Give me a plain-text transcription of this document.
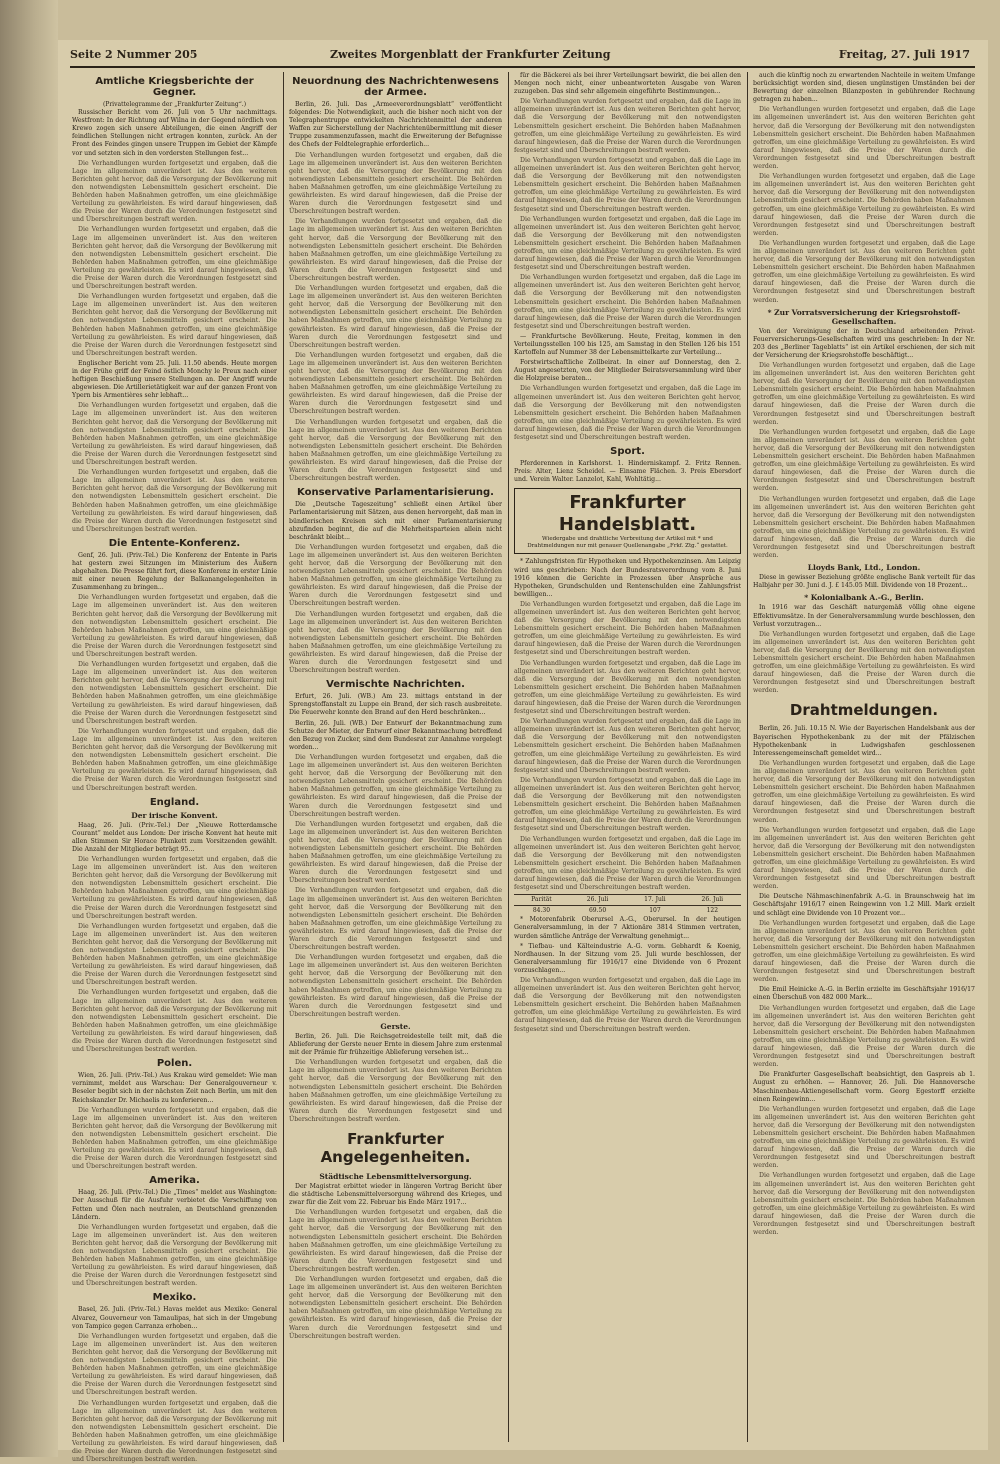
Seite 2 Nummer 205	Zweites Morgenblatt der Frankfurter Zeitung	Freitag, 27. Juli 1917
Amtliche Kriegsberichte der Gegner.
(Privattelegramme der „Frankfurter Zeitung“.)

Russischer Bericht vom 26. Juli von 5 Uhr nachmittags. Westfront: In der Richtung auf Wilna in der Gegend nördlich von Krewo zogen sich unsere Abteilungen, die einen Angriff der feindlichen Stellungen nicht ertragen konnten, zurück. An der Front des Feindes gingen unsere Truppen im Gebiet der Kämpfe vor und setzten sich in den vordersten Stellungen fest...

Die Verhandlungen wurden fortgesetzt und ergaben, daß die Lage im allgemeinen unverändert ist. Aus den weiteren Berichten geht hervor, daß die Versorgung der Bevölkerung mit den notwendigsten Lebensmitteln gesichert erscheint. Die Behörden haben Maßnahmen getroffen, um eine gleichmäßige Verteilung zu gewährleisten. Es wird darauf hingewiesen, daß die Preise der Waren durch die Verordnungen festgesetzt sind und Überschreitungen bestraft werden.

Die Verhandlungen wurden fortgesetzt und ergaben, daß die Lage im allgemeinen unverändert ist. Aus den weiteren Berichten geht hervor, daß die Versorgung der Bevölkerung mit den notwendigsten Lebensmitteln gesichert erscheint. Die Behörden haben Maßnahmen getroffen, um eine gleichmäßige Verteilung zu gewährleisten. Es wird darauf hingewiesen, daß die Preise der Waren durch die Verordnungen festgesetzt sind und Überschreitungen bestraft werden.

Die Verhandlungen wurden fortgesetzt und ergaben, daß die Lage im allgemeinen unverändert ist. Aus den weiteren Berichten geht hervor, daß die Versorgung der Bevölkerung mit den notwendigsten Lebensmitteln gesichert erscheint. Die Behörden haben Maßnahmen getroffen, um eine gleichmäßige Verteilung zu gewährleisten. Es wird darauf hingewiesen, daß die Preise der Waren durch die Verordnungen festgesetzt sind und Überschreitungen bestraft werden.

Englischer Bericht vom 25. Juli. 11.50 abends. Heute morgen in der Frühe griff der Feind östlich Monchy le Preux nach einer heftigen Beschießung unsere Stellungen an. Der Angriff wurde abgewiesen. Die Artillerietätigkeit war auf der ganzen Front von Ypern bis Armentières sehr lebhaft...

Die Verhandlungen wurden fortgesetzt und ergaben, daß die Lage im allgemeinen unverändert ist. Aus den weiteren Berichten geht hervor, daß die Versorgung der Bevölkerung mit den notwendigsten Lebensmitteln gesichert erscheint. Die Behörden haben Maßnahmen getroffen, um eine gleichmäßige Verteilung zu gewährleisten. Es wird darauf hingewiesen, daß die Preise der Waren durch die Verordnungen festgesetzt sind und Überschreitungen bestraft werden.

Die Verhandlungen wurden fortgesetzt und ergaben, daß die Lage im allgemeinen unverändert ist. Aus den weiteren Berichten geht hervor, daß die Versorgung der Bevölkerung mit den notwendigsten Lebensmitteln gesichert erscheint. Die Behörden haben Maßnahmen getroffen, um eine gleichmäßige Verteilung zu gewährleisten. Es wird darauf hingewiesen, daß die Preise der Waren durch die Verordnungen festgesetzt sind und Überschreitungen bestraft werden.

Die Entente-Konferenz.

Genf, 26. Juli. (Priv.-Tel.) Die Konferenz der Entente in Paris hat gestern zwei Sitzungen im Ministerium des Äußern abgehalten. Die Presse führt fort, diese Konferenz in erster Linie mit einer neuen Regelung der Balkanangelegenheiten in Zusammenhang zu bringen...

Die Verhandlungen wurden fortgesetzt und ergaben, daß die Lage im allgemeinen unverändert ist. Aus den weiteren Berichten geht hervor, daß die Versorgung der Bevölkerung mit den notwendigsten Lebensmitteln gesichert erscheint. Die Behörden haben Maßnahmen getroffen, um eine gleichmäßige Verteilung zu gewährleisten. Es wird darauf hingewiesen, daß die Preise der Waren durch die Verordnungen festgesetzt sind und Überschreitungen bestraft werden.

Die Verhandlungen wurden fortgesetzt und ergaben, daß die Lage im allgemeinen unverändert ist. Aus den weiteren Berichten geht hervor, daß die Versorgung der Bevölkerung mit den notwendigsten Lebensmitteln gesichert erscheint. Die Behörden haben Maßnahmen getroffen, um eine gleichmäßige Verteilung zu gewährleisten. Es wird darauf hingewiesen, daß die Preise der Waren durch die Verordnungen festgesetzt sind und Überschreitungen bestraft werden.

Die Verhandlungen wurden fortgesetzt und ergaben, daß die Lage im allgemeinen unverändert ist. Aus den weiteren Berichten geht hervor, daß die Versorgung der Bevölkerung mit den notwendigsten Lebensmitteln gesichert erscheint. Die Behörden haben Maßnahmen getroffen, um eine gleichmäßige Verteilung zu gewährleisten. Es wird darauf hingewiesen, daß die Preise der Waren durch die Verordnungen festgesetzt sind und Überschreitungen bestraft werden.

England.
Der irische Konvent.

Haag, 26. Juli. (Priv.-Tel.) Der „Nieuwe Rotterdamsche Courant“ meldet aus London: Der irische Konvent hat heute mit allen Stimmen Sir Horace Plunkett zum Vorsitzenden gewählt. Die Anzahl der Mitglieder beträgt 95...

Die Verhandlungen wurden fortgesetzt und ergaben, daß die Lage im allgemeinen unverändert ist. Aus den weiteren Berichten geht hervor, daß die Versorgung der Bevölkerung mit den notwendigsten Lebensmitteln gesichert erscheint. Die Behörden haben Maßnahmen getroffen, um eine gleichmäßige Verteilung zu gewährleisten. Es wird darauf hingewiesen, daß die Preise der Waren durch die Verordnungen festgesetzt sind und Überschreitungen bestraft werden.

Die Verhandlungen wurden fortgesetzt und ergaben, daß die Lage im allgemeinen unverändert ist. Aus den weiteren Berichten geht hervor, daß die Versorgung der Bevölkerung mit den notwendigsten Lebensmitteln gesichert erscheint. Die Behörden haben Maßnahmen getroffen, um eine gleichmäßige Verteilung zu gewährleisten. Es wird darauf hingewiesen, daß die Preise der Waren durch die Verordnungen festgesetzt sind und Überschreitungen bestraft werden.

Die Verhandlungen wurden fortgesetzt und ergaben, daß die Lage im allgemeinen unverändert ist. Aus den weiteren Berichten geht hervor, daß die Versorgung der Bevölkerung mit den notwendigsten Lebensmitteln gesichert erscheint. Die Behörden haben Maßnahmen getroffen, um eine gleichmäßige Verteilung zu gewährleisten. Es wird darauf hingewiesen, daß die Preise der Waren durch die Verordnungen festgesetzt sind und Überschreitungen bestraft werden.

Polen.

Wien, 26. Juli. (Priv.-Tel.) Aus Krakau wird gemeldet: Wie man vernimmt, meldet aus Warschau: Der Generalgouverneur v. Beseler begibt sich in der nächsten Zeit nach Berlin, um mit den Reichskanzler Dr. Michaelis zu konferieren...

Die Verhandlungen wurden fortgesetzt und ergaben, daß die Lage im allgemeinen unverändert ist. Aus den weiteren Berichten geht hervor, daß die Versorgung der Bevölkerung mit den notwendigsten Lebensmitteln gesichert erscheint. Die Behörden haben Maßnahmen getroffen, um eine gleichmäßige Verteilung zu gewährleisten. Es wird darauf hingewiesen, daß die Preise der Waren durch die Verordnungen festgesetzt sind und Überschreitungen bestraft werden.

Amerika.

Haag, 26. Juli. (Priv.-Tel.) Die „Times“ meldet aus Washington: Der Ausschuß für die Ausfuhr verbietet die Verschiffung von Fetten und Ölen nach neutralen, an Deutschland grenzenden Ländern.

Die Verhandlungen wurden fortgesetzt und ergaben, daß die Lage im allgemeinen unverändert ist. Aus den weiteren Berichten geht hervor, daß die Versorgung der Bevölkerung mit den notwendigsten Lebensmitteln gesichert erscheint. Die Behörden haben Maßnahmen getroffen, um eine gleichmäßige Verteilung zu gewährleisten. Es wird darauf hingewiesen, daß die Preise der Waren durch die Verordnungen festgesetzt sind und Überschreitungen bestraft werden.

Mexiko.

Basel, 26. Juli. (Priv.-Tel.) Havas meldet aus Mexiko: General Alvarez, Gouverneur von Tamaulipas, hat sich in der Umgebung von Tampico gegen Carranza erhoben...

Die Verhandlungen wurden fortgesetzt und ergaben, daß die Lage im allgemeinen unverändert ist. Aus den weiteren Berichten geht hervor, daß die Versorgung der Bevölkerung mit den notwendigsten Lebensmitteln gesichert erscheint. Die Behörden haben Maßnahmen getroffen, um eine gleichmäßige Verteilung zu gewährleisten. Es wird darauf hingewiesen, daß die Preise der Waren durch die Verordnungen festgesetzt sind und Überschreitungen bestraft werden.

Die Verhandlungen wurden fortgesetzt und ergaben, daß die Lage im allgemeinen unverändert ist. Aus den weiteren Berichten geht hervor, daß die Versorgung der Bevölkerung mit den notwendigsten Lebensmitteln gesichert erscheint. Die Behörden haben Maßnahmen getroffen, um eine gleichmäßige Verteilung zu gewährleisten. Es wird darauf hingewiesen, daß die Preise der Waren durch die Verordnungen festgesetzt sind und Überschreitungen bestraft werden.

Neuordnung des Nachrichtenwesens der Armee.

Berlin, 26. Juli. Das „Armeeverordnungsblatt“ veröffentlicht folgendes: Die Notwendigkeit, auch die bisher noch nicht von der Telegraphentruppe entwickelten Nachrichtenmittel der anderen Waffen zur Sicherstellung der Nachrichtenübermittlung mit dieser Truppe zusammenzufassen, macht die Erweiterung der Befugnisse des Chefs der Feldtelegraphie erforderlich...

Die Verhandlungen wurden fortgesetzt und ergaben, daß die Lage im allgemeinen unverändert ist. Aus den weiteren Berichten geht hervor, daß die Versorgung der Bevölkerung mit den notwendigsten Lebensmitteln gesichert erscheint. Die Behörden haben Maßnahmen getroffen, um eine gleichmäßige Verteilung zu gewährleisten. Es wird darauf hingewiesen, daß die Preise der Waren durch die Verordnungen festgesetzt sind und Überschreitungen bestraft werden.

Die Verhandlungen wurden fortgesetzt und ergaben, daß die Lage im allgemeinen unverändert ist. Aus den weiteren Berichten geht hervor, daß die Versorgung der Bevölkerung mit den notwendigsten Lebensmitteln gesichert erscheint. Die Behörden haben Maßnahmen getroffen, um eine gleichmäßige Verteilung zu gewährleisten. Es wird darauf hingewiesen, daß die Preise der Waren durch die Verordnungen festgesetzt sind und Überschreitungen bestraft werden.

Die Verhandlungen wurden fortgesetzt und ergaben, daß die Lage im allgemeinen unverändert ist. Aus den weiteren Berichten geht hervor, daß die Versorgung der Bevölkerung mit den notwendigsten Lebensmitteln gesichert erscheint. Die Behörden haben Maßnahmen getroffen, um eine gleichmäßige Verteilung zu gewährleisten. Es wird darauf hingewiesen, daß die Preise der Waren durch die Verordnungen festgesetzt sind und Überschreitungen bestraft werden.

Die Verhandlungen wurden fortgesetzt und ergaben, daß die Lage im allgemeinen unverändert ist. Aus den weiteren Berichten geht hervor, daß die Versorgung der Bevölkerung mit den notwendigsten Lebensmitteln gesichert erscheint. Die Behörden haben Maßnahmen getroffen, um eine gleichmäßige Verteilung zu gewährleisten. Es wird darauf hingewiesen, daß die Preise der Waren durch die Verordnungen festgesetzt sind und Überschreitungen bestraft werden.

Die Verhandlungen wurden fortgesetzt und ergaben, daß die Lage im allgemeinen unverändert ist. Aus den weiteren Berichten geht hervor, daß die Versorgung der Bevölkerung mit den notwendigsten Lebensmitteln gesichert erscheint. Die Behörden haben Maßnahmen getroffen, um eine gleichmäßige Verteilung zu gewährleisten. Es wird darauf hingewiesen, daß die Preise der Waren durch die Verordnungen festgesetzt sind und Überschreitungen bestraft werden.

Konservative Parlamentarisierung.

Die „Deutsche Tageszeitung“ schließt einen Artikel über Parlamentarisierung mit Sätzen, aus denen hervorgeht, daß man in bündlerischen Kreisen sich mit einer Parlamentarisierung abzufinden beginnt, die auf die Mehrheitsparteien allein nicht beschränkt bleibt...

Die Verhandlungen wurden fortgesetzt und ergaben, daß die Lage im allgemeinen unverändert ist. Aus den weiteren Berichten geht hervor, daß die Versorgung der Bevölkerung mit den notwendigsten Lebensmitteln gesichert erscheint. Die Behörden haben Maßnahmen getroffen, um eine gleichmäßige Verteilung zu gewährleisten. Es wird darauf hingewiesen, daß die Preise der Waren durch die Verordnungen festgesetzt sind und Überschreitungen bestraft werden.

Die Verhandlungen wurden fortgesetzt und ergaben, daß die Lage im allgemeinen unverändert ist. Aus den weiteren Berichten geht hervor, daß die Versorgung der Bevölkerung mit den notwendigsten Lebensmitteln gesichert erscheint. Die Behörden haben Maßnahmen getroffen, um eine gleichmäßige Verteilung zu gewährleisten. Es wird darauf hingewiesen, daß die Preise der Waren durch die Verordnungen festgesetzt sind und Überschreitungen bestraft werden.

Vermischte Nachrichten.

Erfurt, 26. Juli. (WB.) Am 23. mittags entstand in der Sprengstoffanstalt zu Luppe ein Brand, der sich rasch ausbreitete. Die Feuerwehr konnte den Brand auf den Herd beschränken...

Berlin, 26. Juli. (WB.) Der Entwurf der Bekanntmachung zum Schutze der Mieter, der Entwurf einer Bekanntmachung betreffend den Bezug von Zucker, sind dem Bundesrat zur Annahme vorgelegt worden...

Die Verhandlungen wurden fortgesetzt und ergaben, daß die Lage im allgemeinen unverändert ist. Aus den weiteren Berichten geht hervor, daß die Versorgung der Bevölkerung mit den notwendigsten Lebensmitteln gesichert erscheint. Die Behörden haben Maßnahmen getroffen, um eine gleichmäßige Verteilung zu gewährleisten. Es wird darauf hingewiesen, daß die Preise der Waren durch die Verordnungen festgesetzt sind und Überschreitungen bestraft werden.

Die Verhandlungen wurden fortgesetzt und ergaben, daß die Lage im allgemeinen unverändert ist. Aus den weiteren Berichten geht hervor, daß die Versorgung der Bevölkerung mit den notwendigsten Lebensmitteln gesichert erscheint. Die Behörden haben Maßnahmen getroffen, um eine gleichmäßige Verteilung zu gewährleisten. Es wird darauf hingewiesen, daß die Preise der Waren durch die Verordnungen festgesetzt sind und Überschreitungen bestraft werden.

Die Verhandlungen wurden fortgesetzt und ergaben, daß die Lage im allgemeinen unverändert ist. Aus den weiteren Berichten geht hervor, daß die Versorgung der Bevölkerung mit den notwendigsten Lebensmitteln gesichert erscheint. Die Behörden haben Maßnahmen getroffen, um eine gleichmäßige Verteilung zu gewährleisten. Es wird darauf hingewiesen, daß die Preise der Waren durch die Verordnungen festgesetzt sind und Überschreitungen bestraft werden.

Die Verhandlungen wurden fortgesetzt und ergaben, daß die Lage im allgemeinen unverändert ist. Aus den weiteren Berichten geht hervor, daß die Versorgung der Bevölkerung mit den notwendigsten Lebensmitteln gesichert erscheint. Die Behörden haben Maßnahmen getroffen, um eine gleichmäßige Verteilung zu gewährleisten. Es wird darauf hingewiesen, daß die Preise der Waren durch die Verordnungen festgesetzt sind und Überschreitungen bestraft werden.

Gerste.

Berlin, 26. Juli. Die Reichsgetreidestelle teilt mit, daß die Ablieferung der Gerste neuer Ernte in diesem Jahre zum erstenmal mit der Prämie für frühzeitige Ablieferung versehen ist...

Die Verhandlungen wurden fortgesetzt und ergaben, daß die Lage im allgemeinen unverändert ist. Aus den weiteren Berichten geht hervor, daß die Versorgung der Bevölkerung mit den notwendigsten Lebensmitteln gesichert erscheint. Die Behörden haben Maßnahmen getroffen, um eine gleichmäßige Verteilung zu gewährleisten. Es wird darauf hingewiesen, daß die Preise der Waren durch die Verordnungen festgesetzt sind und Überschreitungen bestraft werden.

Frankfurter Angelegenheiten.
Städtische Lebensmittelversorgung.

Der Magistrat erbittet wieder in längeren Vortrag Bericht über die städtische Lebensmittelversorgung während des Krieges, und zwar für die Zeit vom 22. Februar bis Ende März 1917...

Die Verhandlungen wurden fortgesetzt und ergaben, daß die Lage im allgemeinen unverändert ist. Aus den weiteren Berichten geht hervor, daß die Versorgung der Bevölkerung mit den notwendigsten Lebensmitteln gesichert erscheint. Die Behörden haben Maßnahmen getroffen, um eine gleichmäßige Verteilung zu gewährleisten. Es wird darauf hingewiesen, daß die Preise der Waren durch die Verordnungen festgesetzt sind und Überschreitungen bestraft werden.

Die Verhandlungen wurden fortgesetzt und ergaben, daß die Lage im allgemeinen unverändert ist. Aus den weiteren Berichten geht hervor, daß die Versorgung der Bevölkerung mit den notwendigsten Lebensmitteln gesichert erscheint. Die Behörden haben Maßnahmen getroffen, um eine gleichmäßige Verteilung zu gewährleisten. Es wird darauf hingewiesen, daß die Preise der Waren durch die Verordnungen festgesetzt sind und Überschreitungen bestraft werden.

für die Bäckerei als bei ihrer Verteilungsart bewirkt, die bei allen den Mengen noch nicht, einer unbeantworteten Ausgabe von Waren zuzugeben. Das sind sehr allgemein eingeführte Bestimmungen...

Die Verhandlungen wurden fortgesetzt und ergaben, daß die Lage im allgemeinen unverändert ist. Aus den weiteren Berichten geht hervor, daß die Versorgung der Bevölkerung mit den notwendigsten Lebensmitteln gesichert erscheint. Die Behörden haben Maßnahmen getroffen, um eine gleichmäßige Verteilung zu gewährleisten. Es wird darauf hingewiesen, daß die Preise der Waren durch die Verordnungen festgesetzt sind und Überschreitungen bestraft werden.

Die Verhandlungen wurden fortgesetzt und ergaben, daß die Lage im allgemeinen unverändert ist. Aus den weiteren Berichten geht hervor, daß die Versorgung der Bevölkerung mit den notwendigsten Lebensmitteln gesichert erscheint. Die Behörden haben Maßnahmen getroffen, um eine gleichmäßige Verteilung zu gewährleisten. Es wird darauf hingewiesen, daß die Preise der Waren durch die Verordnungen festgesetzt sind und Überschreitungen bestraft werden.

Die Verhandlungen wurden fortgesetzt und ergaben, daß die Lage im allgemeinen unverändert ist. Aus den weiteren Berichten geht hervor, daß die Versorgung der Bevölkerung mit den notwendigsten Lebensmitteln gesichert erscheint. Die Behörden haben Maßnahmen getroffen, um eine gleichmäßige Verteilung zu gewährleisten. Es wird darauf hingewiesen, daß die Preise der Waren durch die Verordnungen festgesetzt sind und Überschreitungen bestraft werden.

Die Verhandlungen wurden fortgesetzt und ergaben, daß die Lage im allgemeinen unverändert ist. Aus den weiteren Berichten geht hervor, daß die Versorgung der Bevölkerung mit den notwendigsten Lebensmitteln gesichert erscheint. Die Behörden haben Maßnahmen getroffen, um eine gleichmäßige Verteilung zu gewährleisten. Es wird darauf hingewiesen, daß die Preise der Waren durch die Verordnungen festgesetzt sind und Überschreitungen bestraft werden.

— Frankfurtsche Bevölkerung. Heute, Freitag, kommen in den Verteilungsstellen 100 bis 125, am Samstag in den Stellen 126 bis 151 Kartoffeln auf Nummer 38 der Lebensmittelkarte zur Verteilung...

Forstwirtschaftliche Zollbeirat. In einer auf Donnerstag, den 2. August angesetzten, von der Mitglieder Beiratsversammlung wird über die Holzpreise beraten...

Die Verhandlungen wurden fortgesetzt und ergaben, daß die Lage im allgemeinen unverändert ist. Aus den weiteren Berichten geht hervor, daß die Versorgung der Bevölkerung mit den notwendigsten Lebensmitteln gesichert erscheint. Die Behörden haben Maßnahmen getroffen, um eine gleichmäßige Verteilung zu gewährleisten. Es wird darauf hingewiesen, daß die Preise der Waren durch die Verordnungen festgesetzt sind und Überschreitungen bestraft werden.

Sport.

Pferderennen in Karlshorst. 1. Hinderniskampf. 2. Fritz Rennen. Preis: Alter, Lienz Scheidel. — Einsame Flächen. 3. Preis Ebersdorf und. Verein Walter. Lanzelot, Kahl, Wohltätig...

Frankfurter Handelsblatt.
Wiedergabe und drahtliche Verbreitung der Artikel mit * und Drahtmeldungen nur mit genauer Quellenangabe „Frkf. Ztg.“ gestattet.

* Zahlungsfristen für Hypotheken und Hypothekenzinsen. Am Leipzig wird uns geschrieben: Nach der Bundesratsverordnung vom 8. Juni 1916 können die Gerichte in Prozessen über Ansprüche aus Hypotheken, Grundschulden und Rentenschulden eine Zahlungsfrist bewilligen...

Die Verhandlungen wurden fortgesetzt und ergaben, daß die Lage im allgemeinen unverändert ist. Aus den weiteren Berichten geht hervor, daß die Versorgung der Bevölkerung mit den notwendigsten Lebensmitteln gesichert erscheint. Die Behörden haben Maßnahmen getroffen, um eine gleichmäßige Verteilung zu gewährleisten. Es wird darauf hingewiesen, daß die Preise der Waren durch die Verordnungen festgesetzt sind und Überschreitungen bestraft werden.

Die Verhandlungen wurden fortgesetzt und ergaben, daß die Lage im allgemeinen unverändert ist. Aus den weiteren Berichten geht hervor, daß die Versorgung der Bevölkerung mit den notwendigsten Lebensmitteln gesichert erscheint. Die Behörden haben Maßnahmen getroffen, um eine gleichmäßige Verteilung zu gewährleisten. Es wird darauf hingewiesen, daß die Preise der Waren durch die Verordnungen festgesetzt sind und Überschreitungen bestraft werden.

Die Verhandlungen wurden fortgesetzt und ergaben, daß die Lage im allgemeinen unverändert ist. Aus den weiteren Berichten geht hervor, daß die Versorgung der Bevölkerung mit den notwendigsten Lebensmitteln gesichert erscheint. Die Behörden haben Maßnahmen getroffen, um eine gleichmäßige Verteilung zu gewährleisten. Es wird darauf hingewiesen, daß die Preise der Waren durch die Verordnungen festgesetzt sind und Überschreitungen bestraft werden.

Die Verhandlungen wurden fortgesetzt und ergaben, daß die Lage im allgemeinen unverändert ist. Aus den weiteren Berichten geht hervor, daß die Versorgung der Bevölkerung mit den notwendigsten Lebensmitteln gesichert erscheint. Die Behörden haben Maßnahmen getroffen, um eine gleichmäßige Verteilung zu gewährleisten. Es wird darauf hingewiesen, daß die Preise der Waren durch die Verordnungen festgesetzt sind und Überschreitungen bestraft werden.

Die Verhandlungen wurden fortgesetzt und ergaben, daß die Lage im allgemeinen unverändert ist. Aus den weiteren Berichten geht hervor, daß die Versorgung der Bevölkerung mit den notwendigsten Lebensmitteln gesichert erscheint. Die Behörden haben Maßnahmen getroffen, um eine gleichmäßige Verteilung zu gewährleisten. Es wird darauf hingewiesen, daß die Preise der Waren durch die Verordnungen festgesetzt sind und Überschreitungen bestraft werden.

Parität	26. Juli	17. Juli	26. Juli
84.30	69.50	107	122

* Motorenfabrik Oberursel A.-G., Oberursel. In der heutigen Generalversammlung, in der 7 Aktionäre 3814 Stimmen vertraten, wurden sämtliche Anträge der Verwaltung genehmigt...

* Tiefbau- und Kälteindustrie A.-G. vorm. Gebhardt & Koenig, Nordhausen. In der Sitzung vom 25. Juli wurde beschlossen, der Generalversammlung für 1916/17 eine Dividende von 6 Prozent vorzuschlagen...

Die Verhandlungen wurden fortgesetzt und ergaben, daß die Lage im allgemeinen unverändert ist. Aus den weiteren Berichten geht hervor, daß die Versorgung der Bevölkerung mit den notwendigsten Lebensmitteln gesichert erscheint. Die Behörden haben Maßnahmen getroffen, um eine gleichmäßige Verteilung zu gewährleisten. Es wird darauf hingewiesen, daß die Preise der Waren durch die Verordnungen festgesetzt sind und Überschreitungen bestraft werden.

auch die künftig noch zu erwartenden Nachteile in weitem Umfange berücksichtigt worden sind, diesen ungünstigen Umständen bei der Bewertung der einzelnen Bilanzposten in gebührender Rechnung getragen zu haben...

Die Verhandlungen wurden fortgesetzt und ergaben, daß die Lage im allgemeinen unverändert ist. Aus den weiteren Berichten geht hervor, daß die Versorgung der Bevölkerung mit den notwendigsten Lebensmitteln gesichert erscheint. Die Behörden haben Maßnahmen getroffen, um eine gleichmäßige Verteilung zu gewährleisten. Es wird darauf hingewiesen, daß die Preise der Waren durch die Verordnungen festgesetzt sind und Überschreitungen bestraft werden.

Die Verhandlungen wurden fortgesetzt und ergaben, daß die Lage im allgemeinen unverändert ist. Aus den weiteren Berichten geht hervor, daß die Versorgung der Bevölkerung mit den notwendigsten Lebensmitteln gesichert erscheint. Die Behörden haben Maßnahmen getroffen, um eine gleichmäßige Verteilung zu gewährleisten. Es wird darauf hingewiesen, daß die Preise der Waren durch die Verordnungen festgesetzt sind und Überschreitungen bestraft werden.

Die Verhandlungen wurden fortgesetzt und ergaben, daß die Lage im allgemeinen unverändert ist. Aus den weiteren Berichten geht hervor, daß die Versorgung der Bevölkerung mit den notwendigsten Lebensmitteln gesichert erscheint. Die Behörden haben Maßnahmen getroffen, um eine gleichmäßige Verteilung zu gewährleisten. Es wird darauf hingewiesen, daß die Preise der Waren durch die Verordnungen festgesetzt sind und Überschreitungen bestraft werden.

* Zur Vorratsversicherung der Kriegsrohstoff-Gesellschaften.

Von der Vereinigung der in Deutschland arbeitenden Privat-Feuerversicherungs-Gesellschaften wird uns geschrieben: In der Nr. 203 des „Berliner Tageblatts“ ist ein Artikel erschienen, der sich mit der Versicherung der Kriegsrohstoffe beschäftigt...

Die Verhandlungen wurden fortgesetzt und ergaben, daß die Lage im allgemeinen unverändert ist. Aus den weiteren Berichten geht hervor, daß die Versorgung der Bevölkerung mit den notwendigsten Lebensmitteln gesichert erscheint. Die Behörden haben Maßnahmen getroffen, um eine gleichmäßige Verteilung zu gewährleisten. Es wird darauf hingewiesen, daß die Preise der Waren durch die Verordnungen festgesetzt sind und Überschreitungen bestraft werden.

Die Verhandlungen wurden fortgesetzt und ergaben, daß die Lage im allgemeinen unverändert ist. Aus den weiteren Berichten geht hervor, daß die Versorgung der Bevölkerung mit den notwendigsten Lebensmitteln gesichert erscheint. Die Behörden haben Maßnahmen getroffen, um eine gleichmäßige Verteilung zu gewährleisten. Es wird darauf hingewiesen, daß die Preise der Waren durch die Verordnungen festgesetzt sind und Überschreitungen bestraft werden.

Die Verhandlungen wurden fortgesetzt und ergaben, daß die Lage im allgemeinen unverändert ist. Aus den weiteren Berichten geht hervor, daß die Versorgung der Bevölkerung mit den notwendigsten Lebensmitteln gesichert erscheint. Die Behörden haben Maßnahmen getroffen, um eine gleichmäßige Verteilung zu gewährleisten. Es wird darauf hingewiesen, daß die Preise der Waren durch die Verordnungen festgesetzt sind und Überschreitungen bestraft werden.

Lloyds Bank, Ltd., London.

Diese in gewisser Beziehung größte englische Bank verteilt für das Halbjahr per 30. Juni d. J. £ 145.05 Mill. Dividende von 18 Prozent...

* Kolonialbank A.-G., Berlin.

In 1916 war das Geschäft naturgemäß völlig ohne eigene Effektivumsätze. In der Generalversammlung wurde beschlossen, den Verlust vorzutragen...

Die Verhandlungen wurden fortgesetzt und ergaben, daß die Lage im allgemeinen unverändert ist. Aus den weiteren Berichten geht hervor, daß die Versorgung der Bevölkerung mit den notwendigsten Lebensmitteln gesichert erscheint. Die Behörden haben Maßnahmen getroffen, um eine gleichmäßige Verteilung zu gewährleisten. Es wird darauf hingewiesen, daß die Preise der Waren durch die Verordnungen festgesetzt sind und Überschreitungen bestraft werden.

Drahtmeldungen.

Berlin, 26. Juli. 10.15 N. Wie der Bayerischen Handelsbank aus der Bayerischen Hypothekenbank zu der mit der Pfälzischen Hypothekenbank in Ludwigshafen geschlossenen Interessengemeinschaft gemeldet wird...

Die Verhandlungen wurden fortgesetzt und ergaben, daß die Lage im allgemeinen unverändert ist. Aus den weiteren Berichten geht hervor, daß die Versorgung der Bevölkerung mit den notwendigsten Lebensmitteln gesichert erscheint. Die Behörden haben Maßnahmen getroffen, um eine gleichmäßige Verteilung zu gewährleisten. Es wird darauf hingewiesen, daß die Preise der Waren durch die Verordnungen festgesetzt sind und Überschreitungen bestraft werden.

Die Verhandlungen wurden fortgesetzt und ergaben, daß die Lage im allgemeinen unverändert ist. Aus den weiteren Berichten geht hervor, daß die Versorgung der Bevölkerung mit den notwendigsten Lebensmitteln gesichert erscheint. Die Behörden haben Maßnahmen getroffen, um eine gleichmäßige Verteilung zu gewährleisten. Es wird darauf hingewiesen, daß die Preise der Waren durch die Verordnungen festgesetzt sind und Überschreitungen bestraft werden.

Die Deutsche Nähmaschinenfabrik A.-G. in Braunschweig hat im Geschäftsjahr 1916/17 einen Reingewinn von 1.2 Mill. Mark erzielt und schlägt eine Dividende von 10 Prozent vor...

Die Verhandlungen wurden fortgesetzt und ergaben, daß die Lage im allgemeinen unverändert ist. Aus den weiteren Berichten geht hervor, daß die Versorgung der Bevölkerung mit den notwendigsten Lebensmitteln gesichert erscheint. Die Behörden haben Maßnahmen getroffen, um eine gleichmäßige Verteilung zu gewährleisten. Es wird darauf hingewiesen, daß die Preise der Waren durch die Verordnungen festgesetzt sind und Überschreitungen bestraft werden.

Die Emil Heinicke A.-G. in Berlin erzielte im Geschäftsjahr 1916/17 einen Überschuß von 482 000 Mark...

Die Verhandlungen wurden fortgesetzt und ergaben, daß die Lage im allgemeinen unverändert ist. Aus den weiteren Berichten geht hervor, daß die Versorgung der Bevölkerung mit den notwendigsten Lebensmitteln gesichert erscheint. Die Behörden haben Maßnahmen getroffen, um eine gleichmäßige Verteilung zu gewährleisten. Es wird darauf hingewiesen, daß die Preise der Waren durch die Verordnungen festgesetzt sind und Überschreitungen bestraft werden.

Die Frankfurter Gasgesellschaft beabsichtigt, den Gaspreis ab 1. August zu erhöhen. — Hannover, 26. Juli. Die Hannoversche Maschinenbau-Aktiengesellschaft vorm. Georg Egestorff erzielte einen Reingewinn...

Die Verhandlungen wurden fortgesetzt und ergaben, daß die Lage im allgemeinen unverändert ist. Aus den weiteren Berichten geht hervor, daß die Versorgung der Bevölkerung mit den notwendigsten Lebensmitteln gesichert erscheint. Die Behörden haben Maßnahmen getroffen, um eine gleichmäßige Verteilung zu gewährleisten. Es wird darauf hingewiesen, daß die Preise der Waren durch die Verordnungen festgesetzt sind und Überschreitungen bestraft werden.

Die Verhandlungen wurden fortgesetzt und ergaben, daß die Lage im allgemeinen unverändert ist. Aus den weiteren Berichten geht hervor, daß die Versorgung der Bevölkerung mit den notwendigsten Lebensmitteln gesichert erscheint. Die Behörden haben Maßnahmen getroffen, um eine gleichmäßige Verteilung zu gewährleisten. Es wird darauf hingewiesen, daß die Preise der Waren durch die Verordnungen festgesetzt sind und Überschreitungen bestraft werden.
